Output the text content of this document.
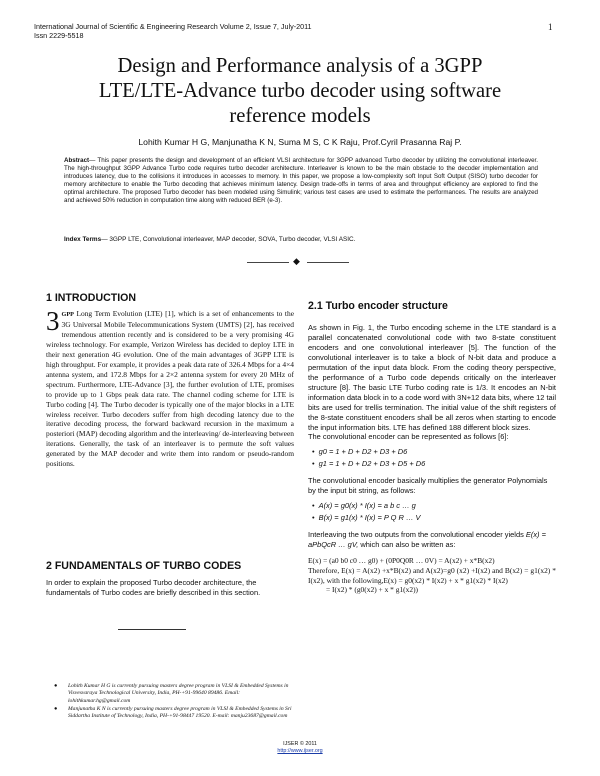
International Journal of Scientific & Engineering Research Volume 2, Issue 7, July-2011
Issn 2229-5518
1
Design and Performance analysis of a 3GPP
LTE/LTE-Advance turbo decoder using software
reference models
Lohith Kumar H G, Manjunatha K N, Suma M S, C K Raju, Prof.Cyril Prasanna Raj P.
Abstract— This paper presents the design and development of an efficient VLSI architecture for 3GPP advanced Turbo decoder by utilizing the convolutional interleaver. The high-throughput 3GPP Advance Turbo code requires turbo decoder architecture. Interleaver is known to be the main obstacle to the decoder implementation and introduces latency, due to the collisions it introduces in accesses to memory. In this paper, we propose a low-complexity soft Input Soft Output (SISO) turbo decoder for memory architecture to enable the Turbo decoding that achieves minimum latency. Design trade-offs in terms of area and throughput efficiency are explored to find the optimal architecture. The proposed Turbo decoder has been modeled using Simulink; various test cases are used to estimate the performances. The results are analyzed and achieved 50% reduction in computation time along with reduced BER (e-3).
Index Terms— 3GPP LTE, Convolutional interleaver, MAP decoder, SOVA, Turbo decoder, VLSI ASIC.
◆
1 INTRODUCTION
3 GPP Long Term Evolution (LTE) [1], which is a set of enhancements to the 3G Universal Mobile Telecommunications System (UMTS) [2], has received tremendous attention recently and is considered to be a very promising 4G wireless technology. For example, Verizon Wireless has decided to deploy LTE in their next generation 4G evolution. One of the main advantages of 3GPP LTE is high throughput. For example, it provides a peak data rate of 326.4 Mbps for a 4×4 antenna system, and 172.8 Mbps for a 2×2 antenna system for every 20 MHz of spectrum. Furthermore, LTE-Advance [3], the further evolution of LTE, promises to provide up to 1 Gbps peak data rate. The channel coding scheme for LTE is Turbo coding [4]. The Turbo decoder is typically one of the major blocks in a LTE wireless receiver. Turbo decoders suffer from high decoding latency due to the iterative decoding process, the forward backward recursion in the maximum a posteriori (MAP) decoding algorithm and the interleaving/ de-interleaving between iterations. Generally, the task of an interleaver is to permute the soft values generated by the MAP decoder and write them into random or pseudo-random positions.
2 FUNDAMENTALS OF TURBO CODES
In order to explain the proposed Turbo decoder architecture, the fundamentals of Turbo codes are briefly described in this section.
● Lohith Kumar H G is currently pursuing masters degree program in VLSI & Embedded Systems in Visvesvaraya Technological University, India, PH-+91-99640 89486. Email: lohithkumar.hg@gmail.com
● Manjunatha K N is currently pursuing masters degree program in VLSI & Embedded Systems in Sri Siddartha Institute of Technology, India, PH-+91-98447 19520. E-mail: manju23687@gmail.com
2.1 Turbo encoder structure

As shown in Fig. 1, the Turbo encoding scheme in the LTE standard is a parallel concatenated convolutional code with two 8-state constituent encoders and one convolutional interleaver [5]. The function of the convolutional interleaver is to take a block of N-bit data and produce a permutation of the input data block. From the coding theory perspective, the performance of a Turbo code depends critically on the interleaver structure [8]. The basic LTE Turbo coding rate is 1/3. It encodes an N-bit information data block in to a code word with 3N+12 data bits, where 12 tail bits are used for trellis termination. The initial value of the shift registers of the 8-state constituent encoders shall be all zeros when starting to encode the input information bits. LTE has defined 188 different block sizes.

The convolutional encoder can be represented as follows [6]:

• g0 = 1 + D + D2 + D3 + D6
• g1 = 1 + D + D2 + D3 + D5 + D6

The convolutional encoder basically multiplies the generator Polynomials by the input bit string, as follows:

• A(x) = g0(x) * I(x) = a b c … g
• B(x) = g1(x) * I(x) = P Q R … V

Interleaving the two outputs from the convolutional encoder yields E(x) = aPbQcR … gV, which can also be written as:

E(x) = (a0 b0 c0 … g0) + (0P0Q0R … 0V) = A(x2) + x*B(x2)
Therefore, E(x) = A(x2) +x*B(x2) and A(x2)=g0 (x2) +I(x2) and B(x2) = g1(x2) * I(x2), with the following,E(x) = g0(x2) * I(x2) + x * g1(x2) * I(x2)
= I(x2) * (g0(x2) + x * g1(x2))
IJSER © 2011
http://www.ijser.org
